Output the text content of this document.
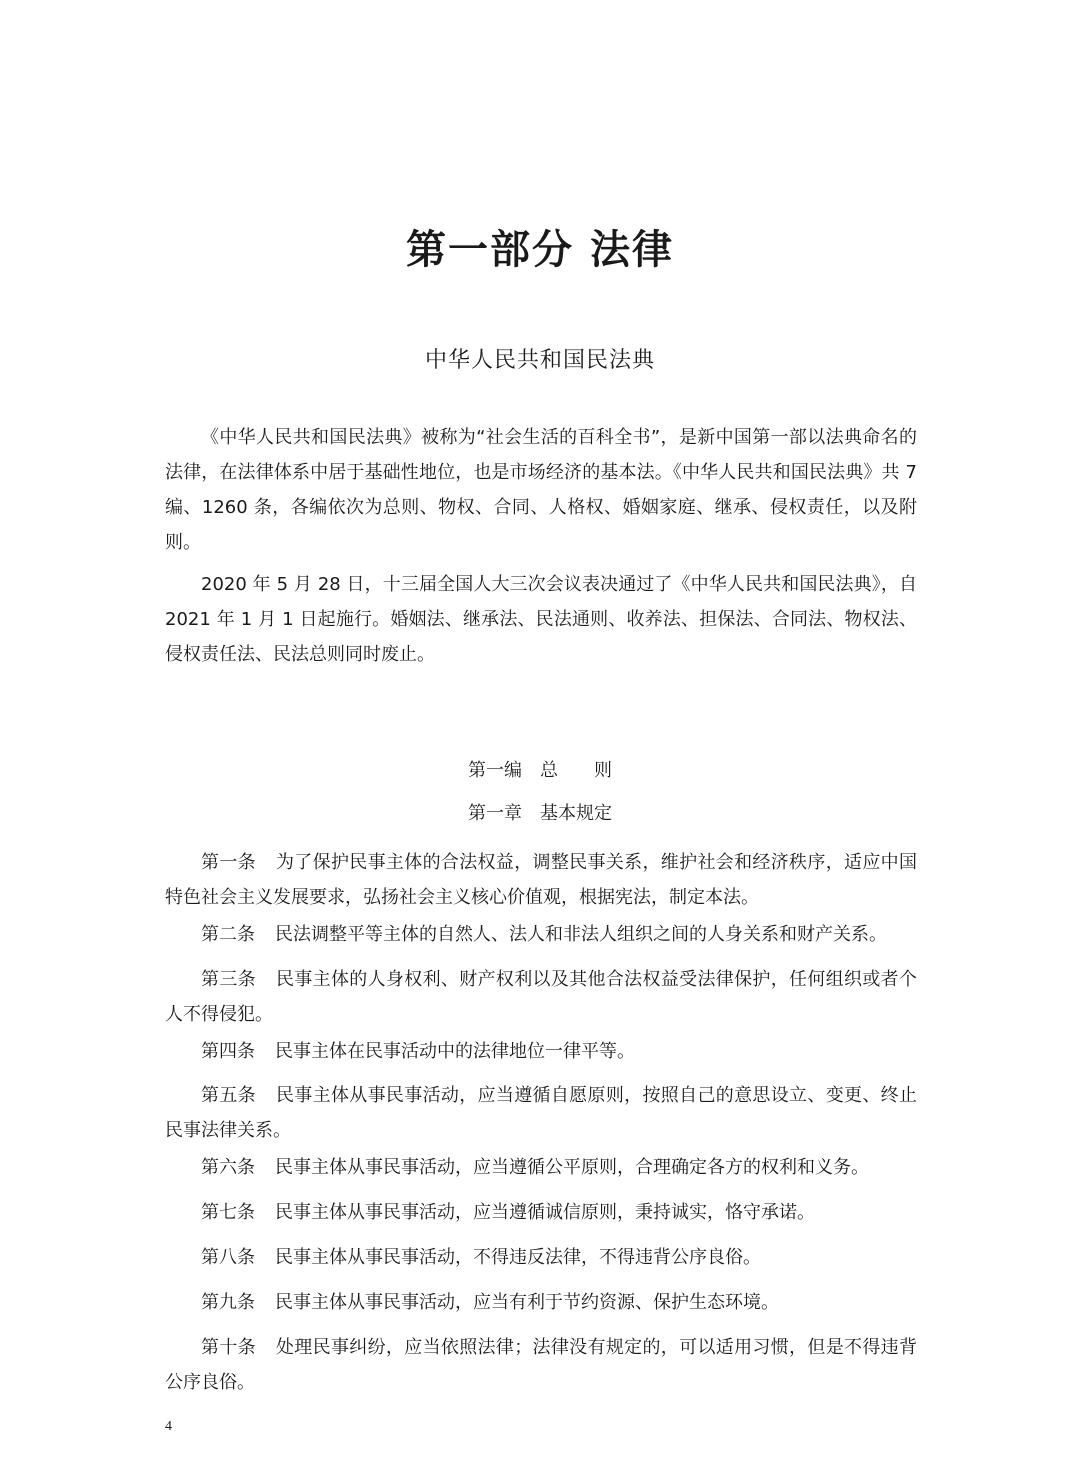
第一部分 法律
中华人民共和国民法典

《中华人民共和国民法典》被称为“社会生活的百科全书”，是新中国第一部以法典命名的法律，在法律体系中居于基础性地位，也是市场经济的基本法。《中华人民共和国民法典》共 7 编、1260 条，各编依次为总则、物权、合同、人格权、婚姻家庭、继承、侵权责任，以及附则。

2020 年 5 月 28 日，十三届全国人大三次会议表决通过了《中华人民共和国民法典》，自 2021 年 1 月 1 日起施行。婚姻法、继承法、民法通则、收养法、担保法、合同法、物权法、侵权责任法、民法总则同时废止。

第一编　总　　则
第一章　基本规定

第一条 为了保护民事主体的合法权益，调整民事关系，维护社会和经济秩序，适应中国特色社会主义发展要求，弘扬社会主义核心价值观，根据宪法，制定本法。

第二条 民法调整平等主体的自然人、法人和非法人组织之间的人身关系和财产关系。

第三条 民事主体的人身权利、财产权利以及其他合法权益受法律保护，任何组织或者个人不得侵犯。

第四条 民事主体在民事活动中的法律地位一律平等。

第五条 民事主体从事民事活动，应当遵循自愿原则，按照自己的意思设立、变更、终止民事法律关系。

第六条 民事主体从事民事活动，应当遵循公平原则，合理确定各方的权利和义务。

第七条 民事主体从事民事活动，应当遵循诚信原则，秉持诚实，恪守承诺。

第八条 民事主体从事民事活动，不得违反法律，不得违背公序良俗。

第九条 民事主体从事民事活动，应当有利于节约资源、保护生态环境。

第十条 处理民事纠纷，应当依照法律；法律没有规定的，可以适用习惯，但是不得违背公序良俗。

4
